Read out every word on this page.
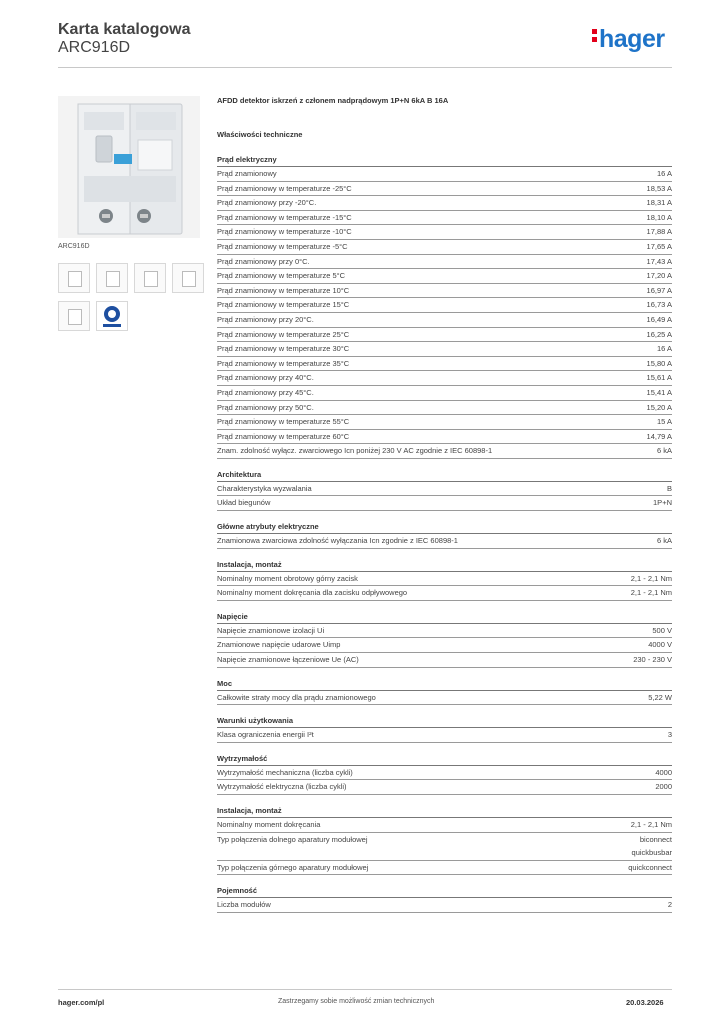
Karta katalogowa
ARC916D	hager
ARC916D
AFDD detektor iskrzeń z członem nadprądowym 1P+N 6kA B 16A
Właściwości techniczne
Prąd elektryczny
Prąd znamionowy	16 A
Prąd znamionowy w temperaturze -25°C	18,53 A
Prąd znamionowy przy -20°C.	18,31 A
Prąd znamionowy w temperaturze -15°C	18,10 A
Prąd znamionowy w temperaturze -10°C	17,88 A
Prąd znamionowy w temperaturze -5°C	17,65 A
Prąd znamionowy przy 0°C.	17,43 A
Prąd znamionowy w temperaturze 5°C	17,20 A
Prąd znamionowy w temperaturze 10°C	16,97 A
Prąd znamionowy w temperaturze 15°C	16,73 A
Prąd znamionowy przy 20°C.	16,49 A
Prąd znamionowy w temperaturze 25°C	16,25 A
Prąd znamionowy w temperaturze 30°C	16 A
Prąd znamionowy w temperaturze 35°C	15,80 A
Prąd znamionowy przy 40°C.	15,61 A
Prąd znamionowy przy 45°C.	15,41 A
Prąd znamionowy przy 50°C.	15,20 A
Prąd znamionowy w temperaturze 55°C	15 A
Prąd znamionowy w temperaturze 60°C	14,79 A
Znam. zdolność wyłącz. zwarciowego Icn poniżej 230 V AC zgodnie z IEC 60898-1	6 kA
Architektura
Charakterystyka wyzwalania	B
Układ biegunów	1P+N
Główne atrybuty elektryczne
Znamionowa zwarciowa zdolność wyłączania Icn zgodnie z IEC 60898-1	6 kA
Instalacja, montaż
Nominalny moment obrotowy górny zacisk	2,1 - 2,1 Nm
Nominalny moment dokręcania dla zacisku odpływowego	2,1 - 2,1 Nm
Napięcie
Napięcie znamionowe izolacji Ui	500 V
Znamionowe napięcie udarowe Uimp	4000 V
Napięcie znamionowe łączeniowe Ue (AC)	230 - 230 V
Moc
Całkowite straty mocy dla prądu znamionowego	5,22 W
Warunki użytkowania
Klasa ograniczenia energii I²t	3
Wytrzymałość
Wytrzymałość mechaniczna (liczba cykli)	4000
Wytrzymałość elektryczna (liczba cykli)	2000
Instalacja, montaż
Nominalny moment dokręcania	2,1 - 2,1 Nm
Typ połączenia dolnego aparatury modułowej	biconnect
quickbusbar
Typ połączenia górnego aparatury modułowej	quickconnect
Pojemność
Liczba modułów	2
hager.com/pl	Zastrzegamy sobie możliwość zmian technicznych	20.03.2026
